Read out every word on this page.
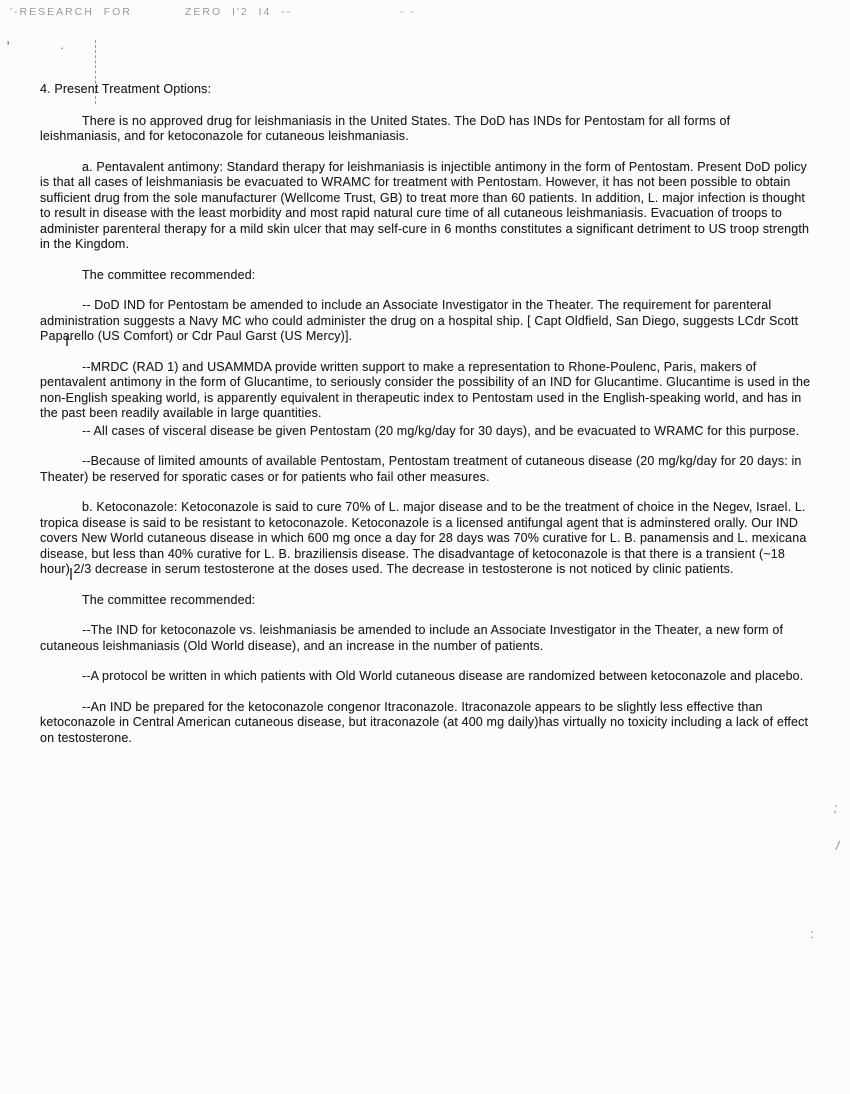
'-RESEARCH  FOR	ZERO  I'2  I4  --	- -
,
·
;
/
:
4. Present Treatment Options:
There is no approved drug for leishmaniasis in the United States. The DoD has INDs for Pentostam for all forms of leishmaniasis, and for ketoconazole for cutaneous leishmaniasis.
a. Pentavalent antimony: Standard therapy for leishmaniasis is injectible antimony in the form of Pentostam. Present DoD policy is that all cases of leishmaniasis be evacuated to WRAMC for treatment with Pentostam. However, it has not been possible to obtain sufficient drug from the sole manufacturer (Wellcome Trust, GB) to treat more than 60 patients. In addition, L. major infection is thought to result in disease with the least morbidity and most rapid natural cure time of all cutaneous leishmaniasis. Evacuation of troops to administer parenteral therapy for a mild skin ulcer that may self-cure in 6 months constitutes a significant detriment to US troop strength in the Kingdom.
The committee recommended:
-- DoD IND for Pentostam be amended to include an Associate Investigator in the Theater. The requirement for parenteral administration suggests a Navy MC who could administer the drug on a hospital ship. [ Capt Oldfield, San Diego, suggests LCdr Scott Paparello (US Comfort) or Cdr Paul Garst (US Mercy)].
--MRDC (RAD 1) and USAMMDA provide written support to make a representation to Rhone-Poulenc, Paris, makers of pentavalent antimony in the form of Glucantime, to seriously consider the possibility of an IND for Glucantime. Glucantime is used in the non-English speaking world, is apparently equivalent in therapeutic index to Pentostam used in the English-speaking world, and has in the past been readily available in large quantities.
-- All cases of visceral disease be given Pentostam (20 mg/kg/day for 30 days), and be evacuated to WRAMC for this purpose.
--Because of limited amounts of available Pentostam, Pentostam treatment of cutaneous disease (20 mg/kg/day for 20 days: in Theater) be reserved for sporatic cases or for patients who fail other measures.
b. Ketoconazole: Ketoconazole is said to cure 70% of L. major disease and to be the treatment of choice in the Negev, Israel. L. tropica disease is said to be resistant to ketoconazole. Ketoconazole is a licensed antifungal agent that is adminstered orally. Our IND covers New World cutaneous disease in which 600 mg once a day for 28 days was 70% curative for L. B. panamensis and L. mexicana disease, but less than 40% curative for L. B. braziliensis disease. The disadvantage of ketoconazole is that there is a transient (~18 hour) 2/3 decrease in serum testosterone at the doses used. The decrease in testosterone is not noticed by clinic patients.
The committee recommended:
--The IND for ketoconazole vs. leishmaniasis be amended to include an Associate Investigator in the Theater, a new form of cutaneous leishmaniasis (Old World disease), and an increase in the number of patients.
--A protocol be written in which patients with Old World cutaneous disease are randomized between ketoconazole and placebo.
--An IND be prepared for the ketoconazole congenor Itraconazole. Itraconazole appears to be slightly less effective than ketoconazole in Central American cutaneous disease, but itraconazole (at 400 mg daily)has virtually no toxicity including a lack of effect on testosterone.
